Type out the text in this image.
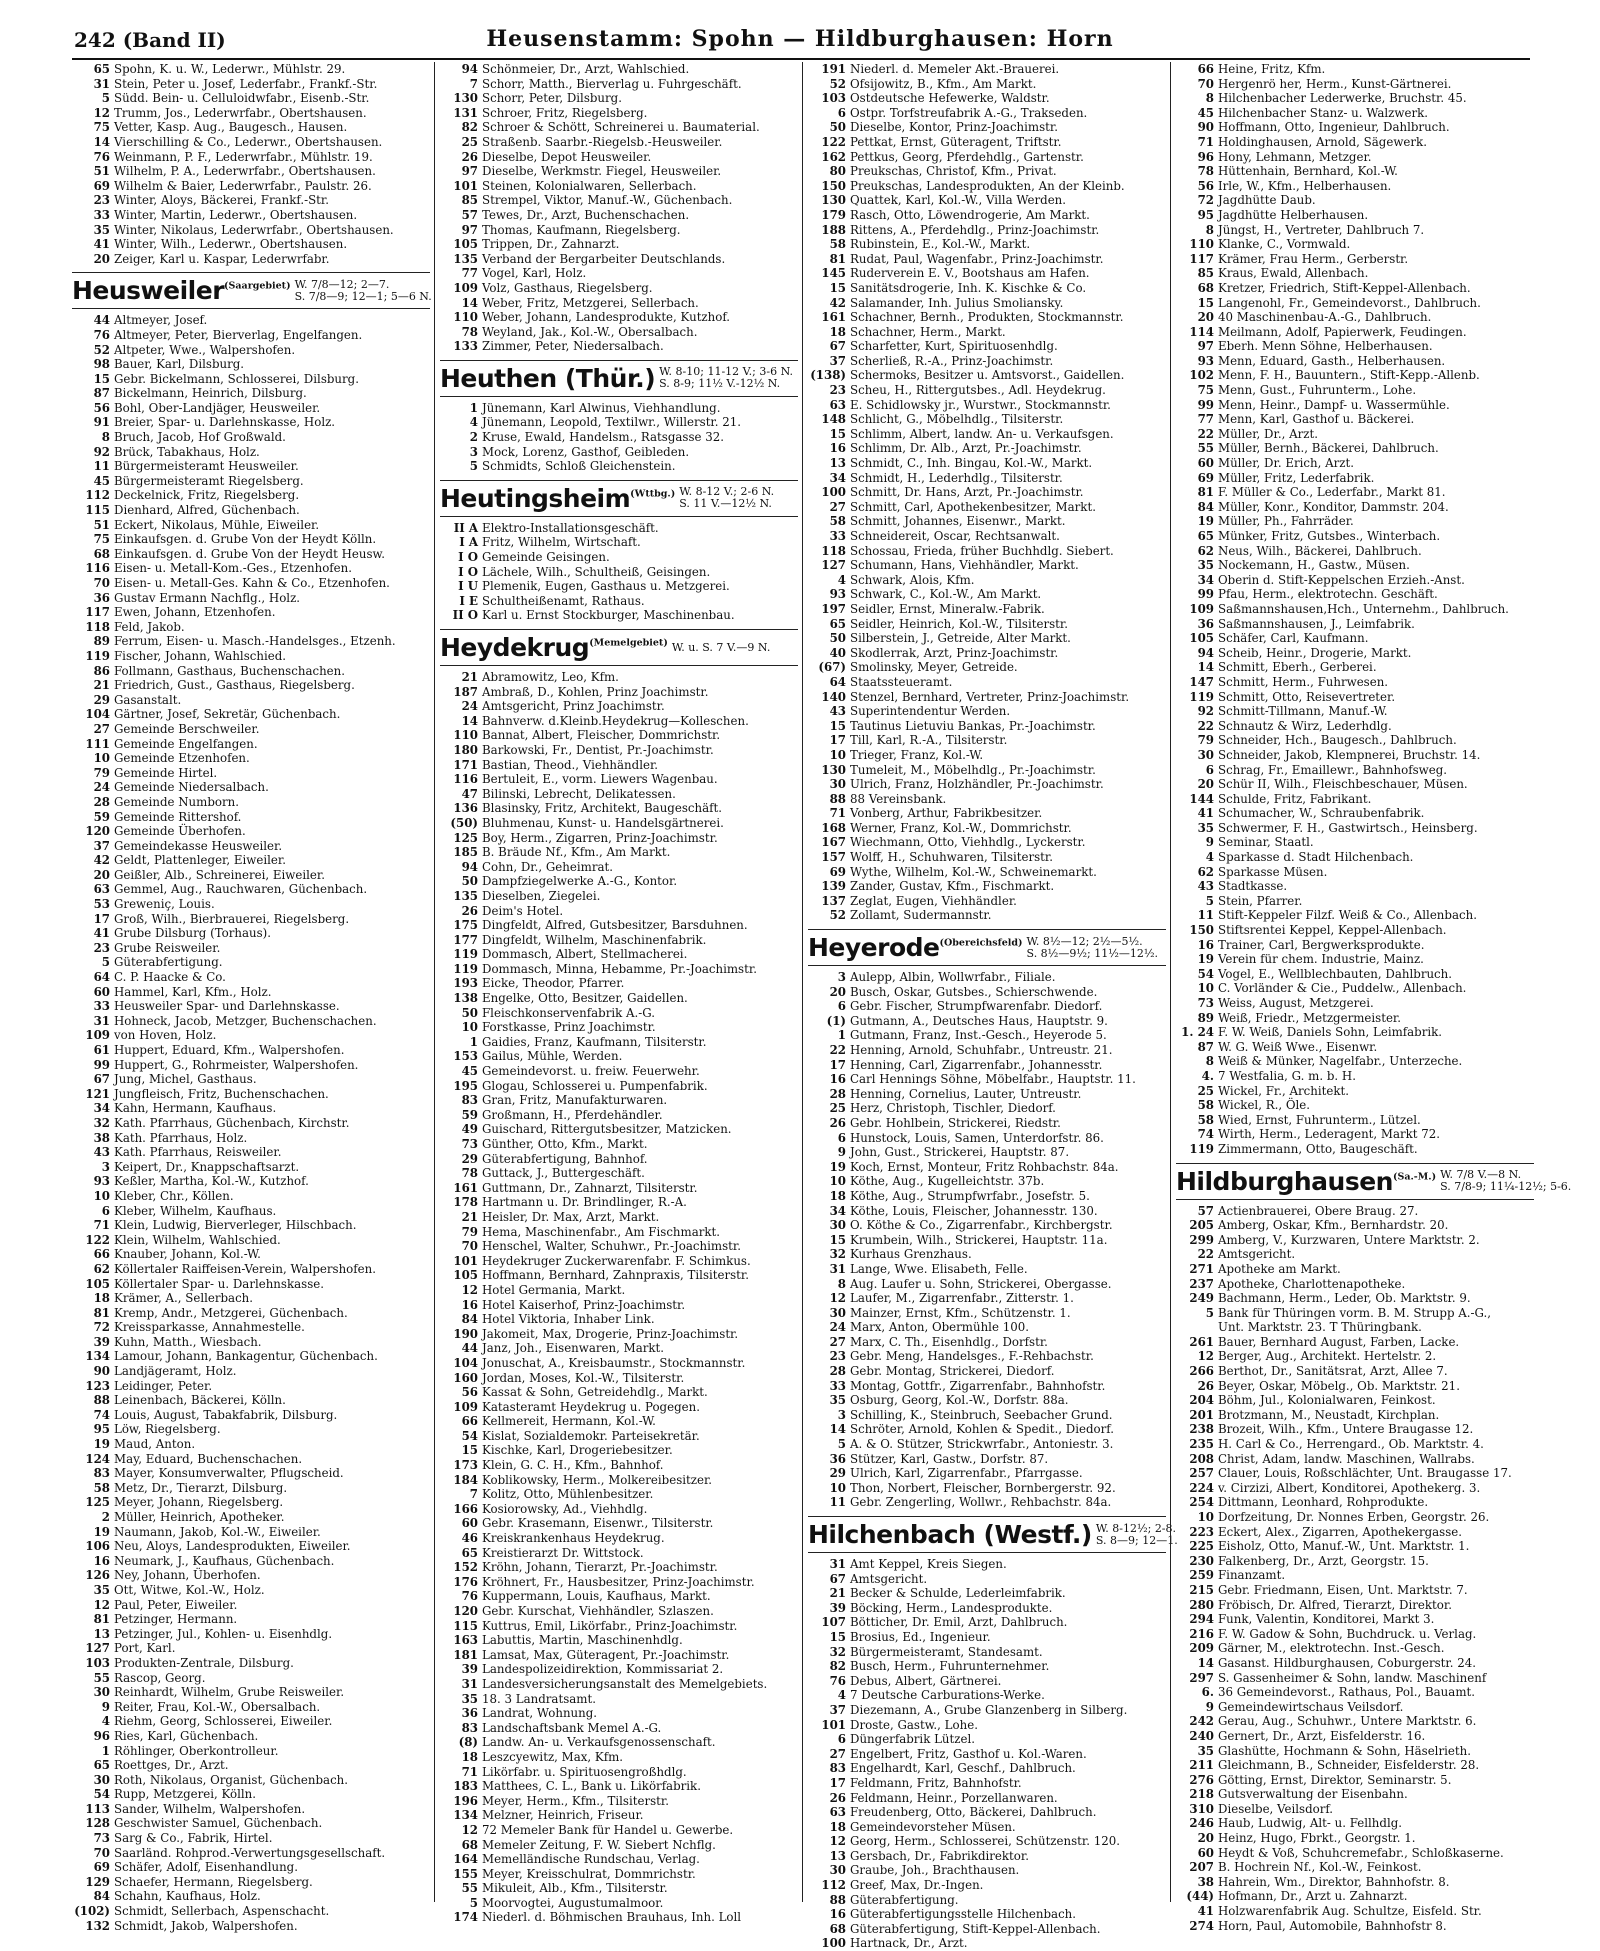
242 (Band II)	Heusenstamm: Spohn — Hildburghausen: Horn
65 Spohn, K. u. W., Lederwr., Mühlstr. 29.
31 Stein, Peter u. Josef, Lederfabr., Frankf.-Str.
5 Südd. Bein- u. Celluloidwfabr., Eisenb.-Str.
12 Trumm, Jos., Lederwrfabr., Obertshausen.
75 Vetter, Kasp. Aug., Baugesch., Hausen.
14 Vierschilling & Co., Lederwr., Obertshausen.
76 Weinmann, P. F., Lederwrfabr., Mühlstr. 19.
51 Wilhelm, P. A., Lederwrfabr., Obertshausen.
69 Wilhelm & Baier, Lederwrfabr., Paulstr. 26.
23 Winter, Aloys, Bäckerei, Frankf.-Str.
33 Winter, Martin, Lederwr., Obertshausen.
35 Winter, Nikolaus, Lederwrfabr., Obertshausen.
41 Winter, Wilh., Lederwr., Obertshausen.
20 Zeiger, Karl u. Kaspar, Lederwrfabr.
Heusweiler$^{(Saargebiet)}$ W. 7/8—12; 2—7.
S. 7/8—9; 12—1; 5—6 N.
44 Altmeyer, Josef.
76 Altmeyer, Peter, Bierverlag, Engelfangen.
52 Altpeter, Wwe., Walpershofen.
98 Bauer, Karl, Dilsburg.
15 Gebr. Bickelmann, Schlosserei, Dilsburg.
87 Bickelmann, Heinrich, Dilsburg.
56 Bohl, Ober-Landjäger, Heusweiler.
91 Breier, Spar- u. Darlehnskasse, Holz.
8 Bruch, Jacob, Hof Großwald.
92 Brück, Tabakhaus, Holz.
11 Bürgermeisteramt Heusweiler.
45 Bürgermeisteramt Riegelsberg.
112 Deckelnick, Fritz, Riegelsberg.
115 Dienhard, Alfred, Güchenbach.
51 Eckert, Nikolaus, Mühle, Eiweiler.
75 Einkaufsgen. d. Grube Von der Heydt Kölln.
68 Einkaufsgen. d. Grube Von der Heydt Heusw.
116 Eisen- u. Metall-Kom.-Ges., Etzenhofen.
70 Eisen- u. Metall-Ges. Kahn & Co., Etzenhofen.
36 Gustav Ermann Nachflg., Holz.
117 Ewen, Johann, Etzenhofen.
118 Feld, Jakob.
89 Ferrum, Eisen- u. Masch.-Handelsges., Etzenh.
119 Fischer, Johann, Wahlschied.
86 Follmann, Gasthaus, Buchenschachen.
21 Friedrich, Gust., Gasthaus, Riegelsberg.
29 Gasanstalt.
104 Gärtner, Josef, Sekretär, Güchenbach.
27 Gemeinde Berschweiler.
111 Gemeinde Engelfangen.
10 Gemeinde Etzenhofen.
79 Gemeinde Hirtel.
24 Gemeinde Niedersalbach.
28 Gemeinde Numborn.
59 Gemeinde Rittershof.
120 Gemeinde Überhofen.
37 Gemeindekasse Heusweiler.
42 Geldt, Plattenleger, Eiweiler.
20 Geißler, Alb., Schreinerei, Eiweiler.
63 Gemmel, Aug., Rauchwaren, Güchenbach.
53 Greweniç, Louis.
17 Groß, Wilh., Bierbrauerei, Riegelsberg.
41 Grube Dilsburg (Torhaus).
23 Grube Reisweiler.
5 Güterabfertigung.
64 C. P. Haacke & Co.
60 Hammel, Karl, Kfm., Holz.
33 Heusweiler Spar- und Darlehnskasse.
31 Hohneck, Jacob, Metzger, Buchenschachen.
109 von Hoven, Holz.
61 Huppert, Eduard, Kfm., Walpershofen.
99 Huppert, G., Rohrmeister, Walpershofen.
67 Jung, Michel, Gasthaus.
121 Jungfleisch, Fritz, Buchenschachen.
34 Kahn, Hermann, Kaufhaus.
32 Kath. Pfarrhaus, Güchenbach, Kirchstr.
38 Kath. Pfarrhaus, Holz.
43 Kath. Pfarrhaus, Reisweiler.
3 Keipert, Dr., Knappschaftsarzt.
93 Keßler, Martha, Kol.-W., Kutzhof.
10 Kleber, Chr., Köllen.
6 Kleber, Wilhelm, Kaufhaus.
71 Klein, Ludwig, Bierverleger, Hilschbach.
122 Klein, Wilhelm, Wahlschied.
66 Knauber, Johann, Kol.-W.
62 Köllertaler Raiffeisen-Verein, Walpershofen.
105 Köllertaler Spar- u. Darlehnskasse.
18 Krämer, A., Sellerbach.
81 Kremp, Andr., Metzgerei, Güchenbach.
72 Kreissparkasse, Annahmestelle.
39 Kuhn, Matth., Wiesbach.
134 Lamour, Johann, Bankagentur, Güchenbach.
90 Landjägeramt, Holz.
123 Leidinger, Peter.
88 Leinenbach, Bäckerei, Kölln.
74 Louis, August, Tabakfabrik, Dilsburg.
95 Löw, Riegelsberg.
19 Maud, Anton.
124 May, Eduard, Buchenschachen.
83 Mayer, Konsumverwalter, Pflugscheid.
58 Metz, Dr., Tierarzt, Dilsburg.
125 Meyer, Johann, Riegelsberg.
2 Müller, Heinrich, Apotheker.
19 Naumann, Jakob, Kol.-W., Eiweiler.
106 Neu, Aloys, Landesprodukten, Eiweiler.
16 Neumark, J., Kaufhaus, Güchenbach.
126 Ney, Johann, Überhofen.
35 Ott, Witwe, Kol.-W., Holz.
12 Paul, Peter, Eiweiler.
81 Petzinger, Hermann.
13 Petzinger, Jul., Kohlen- u. Eisenhdlg.
127 Port, Karl.
103 Produkten-Zentrale, Dilsburg.
55 Rascop, Georg.
30 Reinhardt, Wilhelm, Grube Reisweiler.
9 Reiter, Frau, Kol.-W., Obersalbach.
4 Riehm, Georg, Schlosserei, Eiweiler.
96 Ries, Karl, Güchenbach.
1 Röhlinger, Oberkontrolleur.
65 Roettges, Dr., Arzt.
30 Roth, Nikolaus, Organist, Güchenbach.
54 Rupp, Metzgerei, Kölln.
113 Sander, Wilhelm, Walpershofen.
128 Geschwister Samuel, Güchenbach.
73 Sarg & Co., Fabrik, Hirtel.
70 Saarländ. Rohprod.-Verwertungsgesellschaft.
69 Schäfer, Adolf, Eisenhandlung.
129 Schaefer, Hermann, Riegelsberg.
84 Schahn, Kaufhaus, Holz.
(102) Schmidt, Sellerbach, Aspenschacht.
132 Schmidt, Jakob, Walpershofen.
94 Schönmeier, Dr., Arzt, Wahlschied.
7 Schorr, Matth., Bierverlag u. Fuhrgeschäft.
130 Schorr, Peter, Dilsburg.
131 Schroer, Fritz, Riegelsberg.
82 Schroer & Schött, Schreinerei u. Baumaterial.
25 Straßenb. Saarbr.-Riegelsb.-Heusweiler.
26 Dieselbe, Depot Heusweiler.
97 Dieselbe, Werkmstr. Fiegel, Heusweiler.
101 Steinen, Kolonialwaren, Sellerbach.
85 Strempel, Viktor, Manuf.-W., Güchenbach.
57 Tewes, Dr., Arzt, Buchenschachen.
97 Thomas, Kaufmann, Riegelsberg.
105 Trippen, Dr., Zahnarzt.
135 Verband der Bergarbeiter Deutschlands.
77 Vogel, Karl, Holz.
109 Volz, Gasthaus, Riegelsberg.
14 Weber, Fritz, Metzgerei, Sellerbach.
110 Weber, Johann, Landesprodukte, Kutzhof.
78 Weyland, Jak., Kol.-W., Obersalbach.
133 Zimmer, Peter, Niedersalbach.
Heuthen (Thür.) W. 8-10; 11-12 V.; 3-6 N.
S. 8-9; 11½ V.-12½ N.
1 Jünemann, Karl Alwinus, Viehhandlung.
4 Jünemann, Leopold, Textilwr., Willerstr. 21.
2 Kruse, Ewald, Handelsm., Ratsgasse 32.
3 Mock, Lorenz, Gasthof, Geibleden.
5 Schmidts, Schloß Gleichenstein.
Heutingsheim$^{(Wttbg.)}$ W. 8-12 V.; 2-6 N.
S. 11 V.—12½ N.
II A Elektro-Installationsgeschäft.
I A Fritz, Wilhelm, Wirtschaft.
I O Gemeinde Geisingen.
I O Lächele, Wilh., Schultheiß, Geisingen.
I U Plemenik, Eugen, Gasthaus u. Metzgerei.
I E Schultheißenamt, Rathaus.
II O Karl u. Ernst Stockburger, Maschinenbau.
Heydekrug$^{(Memelgebiet)}$ W. u. S. 7 V.—9 N.
21 Abramowitz, Leo, Kfm.
187 Ambraß, D., Kohlen, Prinz Joachimstr.
24 Amtsgericht, Prinz Joachimstr.
14 Bahnverw. d.Kleinb.Heydekrug—Kolleschen.
110 Bannat, Albert, Fleischer, Dommrichstr.
180 Barkowski, Fr., Dentist, Pr.-Joachimstr.
171 Bastian, Theod., Viehhändler.
116 Bertuleit, E., vorm. Liewers Wagenbau.
47 Bilinski, Lebrecht, Delikatessen.
136 Blasinsky, Fritz, Architekt, Baugeschäft.
(50) Bluhmenau, Kunst- u. Handelsgärtnerei.
125 Boy, Herm., Zigarren, Prinz-Joachimstr.
185 B. Bräude Nf., Kfm., Am Markt.
94 Cohn, Dr., Geheimrat.
50 Dampfziegelwerke A.-G., Kontor.
135 Dieselben, Ziegelei.
26 Deim's Hotel.
175 Dingfeldt, Alfred, Gutsbesitzer, Barsduhnen.
177 Dingfeldt, Wilhelm, Maschinenfabrik.
119 Dommasch, Albert, Stellmacherei.
119 Dommasch, Minna, Hebamme, Pr.-Joachimstr.
193 Eicke, Theodor, Pfarrer.
138 Engelke, Otto, Besitzer, Gaidellen.
50 Fleischkonservenfabrik A.-G.
10 Forstkasse, Prinz Joachimstr.
1 Gaidies, Franz, Kaufmann, Tilsiterstr.
153 Gailus, Mühle, Werden.
45 Gemeindevorst. u. freiw. Feuerwehr.
195 Glogau, Schlosserei u. Pumpenfabrik.
83 Gran, Fritz, Manufakturwaren.
59 Großmann, H., Pferdehändler.
49 Guischard, Rittergutsbesitzer, Matzicken.
73 Günther, Otto, Kfm., Markt.
29 Güterabfertigung, Bahnhof.
78 Guttack, J., Buttergeschäft.
161 Guttmann, Dr., Zahnarzt, Tilsiterstr.
178 Hartmann u. Dr. Brindlinger, R.-A.
21 Heisler, Dr. Max, Arzt, Markt.
79 Hema, Maschinenfabr., Am Fischmarkt.
70 Henschel, Walter, Schuhwr., Pr.-Joachimstr.
101 Heydekruger Zuckerwarenfabr. F. Schimkus.
105 Hoffmann, Bernhard, Zahnpraxis, Tilsiterstr.
12 Hotel Germania, Markt.
16 Hotel Kaiserhof, Prinz-Joachimstr.
84 Hotel Viktoria, Inhaber Link.
190 Jakomeit, Max, Drogerie, Prinz-Joachimstr.
44 Janz, Joh., Eisenwaren, Markt.
104 Jonuschat, A., Kreisbaumstr., Stockmannstr.
160 Jordan, Moses, Kol.-W., Tilsiterstr.
56 Kassat & Sohn, Getreidehdlg., Markt.
109 Katasteramt Heydekrug u. Pogegen.
66 Kellmereit, Hermann, Kol.-W.
54 Kislat, Sozialdemokr. Parteisekretär.
15 Kischke, Karl, Drogeriebesitzer.
173 Klein, G. C. H., Kfm., Bahnhof.
184 Koblikowsky, Herm., Molkereibesitzer.
7 Kolitz, Otto, Mühlenbesitzer.
166 Kosiorowsky, Ad., Viehhdlg.
60 Gebr. Krasemann, Eisenwr., Tilsiterstr.
46 Kreiskrankenhaus Heydekrug.
65 Kreistierarzt Dr. Wittstock.
152 Kröhn, Johann, Tierarzt, Pr.-Joachimstr.
176 Kröhnert, Fr., Hausbesitzer, Prinz-Joachimstr.
76 Kuppermann, Louis, Kaufhaus, Markt.
120 Gebr. Kurschat, Viehhändler, Szlaszen.
115 Kuttrus, Emil, Likörfabr., Prinz-Joachimstr.
163 Labuttis, Martin, Maschinenhdlg.
181 Lamsat, Max, Güteragent, Pr.-Joachimstr.
39 Landespolizeidirektion, Kommissariat 2.
31 Landesversicherungsanstalt des Memelgebiets.
35 18. 3 Landratsamt.
36 Landrat, Wohnung.
83 Landschaftsbank Memel A.-G.
(8) Landw. An- u. Verkaufsgenossenschaft.
18 Leszcyewitz, Max, Kfm.
71 Likörfabr. u. Spirituosengroßhdlg.
183 Matthees, C. L., Bank u. Likörfabrik.
196 Meyer, Herm., Kfm., Tilsiterstr.
134 Melzner, Heinrich, Friseur.
12 72 Memeler Bank für Handel u. Gewerbe.
68 Memeler Zeitung, F. W. Siebert Nchflg.
164 Memelländische Rundschau, Verlag.
155 Meyer, Kreisschulrat, Dommrichstr.
55 Mikuleit, Alb., Kfm., Tilsiterstr.
5 Moorvogtei, Augustumalmoor.
174 Niederl. d. Böhmischen Brauhaus, Inh. Loll
191 Niederl. d. Memeler Akt.-Brauerei.
52 Ofsijowitz, B., Kfm., Am Markt.
103 Ostdeutsche Hefewerke, Waldstr.
6 Ostpr. Torfstreufabrik A.-G., Trakseden.
50 Dieselbe, Kontor, Prinz-Joachimstr.
122 Pettkat, Ernst, Güteragent, Triftstr.
162 Pettkus, Georg, Pferdehdlg., Gartenstr.
80 Preukschas, Christof, Kfm., Privat.
150 Preukschas, Landesprodukten, An der Kleinb.
130 Quattek, Karl, Kol.-W., Villa Werden.
179 Rasch, Otto, Löwendrogerie, Am Markt.
188 Rittens, A., Pferdehdlg., Prinz-Joachimstr.
58 Rubinstein, E., Kol.-W., Markt.
81 Rudat, Paul, Wagenfabr., Prinz-Joachimstr.
145 Ruderverein E. V., Bootshaus am Hafen.
15 Sanitätsdrogerie, Inh. K. Kischke & Co.
42 Salamander, Inh. Julius Smoliansky.
161 Schachner, Bernh., Produkten, Stockmannstr.
18 Schachner, Herm., Markt.
67 Scharfetter, Kurt, Spirituosenhdlg.
37 Scherließ, R.-A., Prinz-Joachimstr.
(138) Schermoks, Besitzer u. Amtsvorst., Gaidellen.
23 Scheu, H., Rittergutsbes., Adl. Heydekrug.
63 E. Schidlowsky jr., Wurstwr., Stockmannstr.
148 Schlicht, G., Möbelhdlg., Tilsiterstr.
15 Schlimm, Albert, landw. An- u. Verkaufsgen.
16 Schlimm, Dr. Alb., Arzt, Pr.-Joachimstr.
13 Schmidt, C., Inh. Bingau, Kol.-W., Markt.
34 Schmidt, H., Lederhdlg., Tilsiterstr.
100 Schmitt, Dr. Hans, Arzt, Pr.-Joachimstr.
27 Schmitt, Carl, Apothekenbesitzer, Markt.
58 Schmitt, Johannes, Eisenwr., Markt.
33 Schneidereit, Oscar, Rechtsanwalt.
118 Schossau, Frieda, früher Buchhdlg. Siebert.
127 Schumann, Hans, Viehhändler, Markt.
4 Schwark, Alois, Kfm.
93 Schwark, C., Kol.-W., Am Markt.
197 Seidler, Ernst, Mineralw.-Fabrik.
65 Seidler, Heinrich, Kol.-W., Tilsiterstr.
50 Silberstein, J., Getreide, Alter Markt.
40 Skodlerrak, Arzt, Prinz-Joachimstr.
(67) Smolinsky, Meyer, Getreide.
64 Staatssteueramt.
140 Stenzel, Bernhard, Vertreter, Prinz-Joachimstr.
43 Superintendentur Werden.
15 Tautinus Lietuviu Bankas, Pr.-Joachimstr.
17 Till, Karl, R.-A., Tilsiterstr.
10 Trieger, Franz, Kol.-W.
130 Tumeleit, M., Möbelhdlg., Pr.-Joachimstr.
30 Ulrich, Franz, Holzhändler, Pr.-Joachimstr.
88 88 Vereinsbank.
71 Vonberg, Arthur, Fabrikbesitzer.
168 Werner, Franz, Kol.-W., Dommrichstr.
167 Wiechmann, Otto, Viehhdlg., Lyckerstr.
157 Wolff, H., Schuhwaren, Tilsiterstr.
69 Wythe, Wilhelm, Kol.-W., Schweinemarkt.
139 Zander, Gustav, Kfm., Fischmarkt.
137 Zeglat, Eugen, Viehhändler.
52 Zollamt, Sudermannstr.
Heyerode$^{(Obereichsfeld)}$ W. 8½—12; 2½—5½.
S. 8½—9½; 11½—12½.
3 Aulepp, Albin, Wollwrfabr., Filiale.
20 Busch, Oskar, Gutsbes., Schierschwende.
6 Gebr. Fischer, Strumpfwarenfabr. Diedorf.
(1) Gutmann, A., Deutsches Haus, Hauptstr. 9.
1 Gutmann, Franz, Inst.-Gesch., Heyerode 5.
22 Henning, Arnold, Schuhfabr., Untreustr. 21.
17 Henning, Carl, Zigarrenfabr., Johannesstr.
16 Carl Hennings Söhne, Möbelfabr., Hauptstr. 11.
28 Henning, Cornelius, Lauter, Untreustr.
25 Herz, Christoph, Tischler, Diedorf.
26 Gebr. Hohlbein, Strickerei, Riedstr.
6 Hunstock, Louis, Samen, Unterdorfstr. 86.
9 John, Gust., Strickerei, Hauptstr. 87.
19 Koch, Ernst, Monteur, Fritz Rohbachstr. 84a.
10 Köthe, Aug., Kugelleichtstr. 37b.
18 Köthe, Aug., Strumpfwrfabr., Josefstr. 5.
34 Köthe, Louis, Fleischer, Johannesstr. 130.
30 O. Köthe & Co., Zigarrenfabr., Kirchbergstr.
15 Krumbein, Wilh., Strickerei, Hauptstr. 11a.
32 Kurhaus Grenzhaus.
31 Lange, Wwe. Elisabeth, Felle.
8 Aug. Laufer u. Sohn, Strickerei, Obergasse.
12 Laufer, M., Zigarrenfabr., Zitterstr. 1.
30 Mainzer, Ernst, Kfm., Schützenstr. 1.
24 Marx, Anton, Obermühle 100.
27 Marx, C. Th., Eisenhdlg., Dorfstr.
23 Gebr. Meng, Handelsges., F.-Rehbachstr.
28 Gebr. Montag, Strickerei, Diedorf.
33 Montag, Gottfr., Zigarrenfabr., Bahnhofstr.
35 Osburg, Georg, Kol.-W., Dorfstr. 88a.
3 Schilling, K., Steinbruch, Seebacher Grund.
14 Schröter, Arnold, Kohlen & Spedit., Diedorf.
5 A. & O. Stützer, Strickwrfabr., Antoniestr. 3.
36 Stützer, Karl, Gastw., Dorfstr. 87.
29 Ulrich, Karl, Zigarrenfabr., Pfarrgasse.
10 Thon, Norbert, Fleischer, Bornbergerstr. 92.
11 Gebr. Zengerling, Wollwr., Rehbachstr. 84a.
Hilchenbach (Westf.) W. 8-12½; 2-8.
S. 8—9; 12—1.
31 Amt Keppel, Kreis Siegen.
67 Amtsgericht.
21 Becker & Schulde, Lederleimfabrik.
39 Böcking, Herm., Landesprodukte.
107 Bötticher, Dr. Emil, Arzt, Dahlbruch.
15 Brosius, Ed., Ingenieur.
32 Bürgermeisteramt, Standesamt.
82 Busch, Herm., Fuhrunternehmer.
76 Debus, Albert, Gärtnerei.
4 7 Deutsche Carburations-Werke.
37 Diezemann, A., Grube Glanzenberg in Silberg.
101 Droste, Gastw., Lohe.
6 Düngerfabrik Lützel.
27 Engelbert, Fritz, Gasthof u. Kol.-Waren.
83 Engelhardt, Karl, Geschf., Dahlbruch.
17 Feldmann, Fritz, Bahnhofstr.
26 Feldmann, Heinr., Porzellanwaren.
63 Freudenberg, Otto, Bäckerei, Dahlbruch.
18 Gemeindevorsteher Müsen.
12 Georg, Herm., Schlosserei, Schützenstr. 120.
13 Gersbach, Dr., Fabrikdirektor.
30 Graube, Joh., Brachthausen.
112 Greef, Max, Dr.-Ingen.
88 Güterabfertigung.
16 Güterabfertigungsstelle Hilchenbach.
68 Güterabfertigung, Stift-Keppel-Allenbach.
100 Hartnack, Dr., Arzt.
66 Heine, Fritz, Kfm.
70 Hergenrö her, Herm., Kunst-Gärtnerei.
8 Hilchenbacher Lederwerke, Bruchstr. 45.
45 Hilchenbacher Stanz- u. Walzwerk.
90 Hoffmann, Otto, Ingenieur, Dahlbruch.
71 Holdinghausen, Arnold, Sägewerk.
96 Hony, Lehmann, Metzger.
78 Hüttenhain, Bernhard, Kol.-W.
56 Irle, W., Kfm., Helberhausen.
72 Jagdhütte Daub.
95 Jagdhütte Helberhausen.
8 Jüngst, H., Vertreter, Dahlbruch 7.
110 Klanke, C., Vormwald.
117 Krämer, Frau Herm., Gerberstr.
85 Kraus, Ewald, Allenbach.
68 Kretzer, Friedrich, Stift-Keppel-Allenbach.
15 Langenohl, Fr., Gemeindevorst., Dahlbruch.
20 40 Maschinenbau-A.-G., Dahlbruch.
114 Meilmann, Adolf, Papierwerk, Feudingen.
97 Eberh. Menn Söhne, Helberhausen.
93 Menn, Eduard, Gasth., Helberhausen.
102 Menn, F. H., Bauuntern., Stift-Kepp.-Allenb.
75 Menn, Gust., Fuhrunterm., Lohe.
99 Menn, Heinr., Dampf- u. Wassermühle.
77 Menn, Karl, Gasthof u. Bäckerei.
22 Müller, Dr., Arzt.
55 Müller, Bernh., Bäckerei, Dahlbruch.
60 Müller, Dr. Erich, Arzt.
69 Müller, Fritz, Lederfabrik.
81 F. Müller & Co., Lederfabr., Markt 81.
84 Müller, Konr., Konditor, Dammstr. 204.
19 Müller, Ph., Fahrräder.
65 Münker, Fritz, Gutsbes., Winterbach.
62 Neus, Wilh., Bäckerei, Dahlbruch.
35 Nockemann, H., Gastw., Müsen.
34 Oberin d. Stift-Keppelschen Erzieh.-Anst.
99 Pfau, Herm., elektrotechn. Geschäft.
109 Saßmannshausen,Hch., Unternehm., Dahlbruch.
36 Saßmannshausen, J., Leimfabrik.
105 Schäfer, Carl, Kaufmann.
94 Scheib, Heinr., Drogerie, Markt.
14 Schmitt, Eberh., Gerberei.
147 Schmitt, Herm., Fuhrwesen.
119 Schmitt, Otto, Reisevertreter.
92 Schmitt-Tillmann, Manuf.-W.
22 Schnautz & Wirz, Lederhdlg.
79 Schneider, Hch., Baugesch., Dahlbruch.
30 Schneider, Jakob, Klempnerei, Bruchstr. 14.
6 Schrag, Fr., Emaillewr., Bahnhofsweg.
20 Schür II, Wilh., Fleischbeschauer, Müsen.
144 Schulde, Fritz, Fabrikant.
41 Schumacher, W., Schraubenfabrik.
35 Schwermer, F. H., Gastwirtsch., Heinsberg.
9 Seminar, Staatl.
4 Sparkasse d. Stadt Hilchenbach.
62 Sparkasse Müsen.
43 Stadtkasse.
5 Stein, Pfarrer.
11 Stift-Keppeler Filzf. Weiß & Co., Allenbach.
150 Stiftsrentei Keppel, Keppel-Allenbach.
16 Trainer, Carl, Bergwerksprodukte.
19 Verein für chem. Industrie, Mainz.
54 Vogel, E., Wellblechbauten, Dahlbruch.
10 C. Vorländer & Cie., Puddelw., Allenbach.
73 Weiss, August, Metzgerei.
89 Weiß, Friedr., Metzgermeister.
1. 24 F. W. Weiß, Daniels Sohn, Leimfabrik.
87 W. G. Weiß Wwe., Eisenwr.
8 Weiß & Münker, Nagelfabr., Unterzeche.
4. 7 Westfalia, G. m. b. H.
25 Wickel, Fr., Architekt.
58 Wickel, R., Öle.
58 Wied, Ernst, Fuhrunterm., Lützel.
74 Wirth, Herm., Lederagent, Markt 72.
119 Zimmermann, Otto, Baugeschäft.
Hildburghausen$^{(Sa.-M.)}$ W. 7/8 V.—8 N.
S. 7/8-9; 11¼-12½; 5-6.
57 Actienbrauerei, Obere Braug. 27.
205 Amberg, Oskar, Kfm., Bernhardstr. 20.
299 Amberg, V., Kurzwaren, Untere Marktstr. 2.
22 Amtsgericht.
271 Apotheke am Markt.
237 Apotheke, Charlottenapotheke.
249 Bachmann, Herm., Leder, Ob. Marktstr. 9.
5 Bank für Thüringen vorm. B. M. Strupp A.-G.,
Unt. Marktstr. 23. T Thüringbank.
261 Bauer, Bernhard August, Farben, Lacke.
12 Berger, Aug., Architekt. Hertelstr. 2.
266 Berthot, Dr., Sanitätsrat, Arzt, Allee 7.
26 Beyer, Oskar, Möbelg., Ob. Marktstr. 21.
204 Böhm, Jul., Kolonialwaren, Feinkost.
201 Brotzmann, M., Neustadt, Kirchplan.
238 Brozeit, Wilh., Kfm., Untere Braugasse 12.
235 H. Carl & Co., Herrengard., Ob. Marktstr. 4.
208 Christ, Adam, landw. Maschinen, Wallrabs.
257 Clauer, Louis, Roßschlächter, Unt. Braugasse 17.
224 v. Cirzizi, Albert, Konditorei, Apothekerg. 3.
254 Dittmann, Leonhard, Rohprodukte.
10 Dorfzeitung, Dr. Nonnes Erben, Georgstr. 26.
223 Eckert, Alex., Zigarren, Apothekergasse.
225 Eisholz, Otto, Manuf.-W., Unt. Marktstr. 1.
230 Falkenberg, Dr., Arzt, Georgstr. 15.
259 Finanzamt.
215 Gebr. Friedmann, Eisen, Unt. Marktstr. 7.
280 Fröbisch, Dr. Alfred, Tierarzt, Direktor.
294 Funk, Valentin, Konditorei, Markt 3.
216 F. W. Gadow & Sohn, Buchdruck. u. Verlag.
209 Gärner, M., elektrotechn. Inst.-Gesch.
14 Gasanst. Hildburghausen, Coburgerstr. 24.
297 S. Gassenheimer & Sohn, landw. Maschinenf
6. 36 Gemeindevorst., Rathaus, Pol., Bauamt.
9 Gemeindewirtschaus Veilsdorf.
242 Gerau, Aug., Schuhwr., Untere Marktstr. 6.
240 Gernert, Dr., Arzt, Eisfelderstr. 16.
35 Glashütte, Hochmann & Sohn, Häselrieth.
211 Gleichmann, B., Schneider, Eisfelderstr. 28.
276 Götting, Ernst, Direktor, Seminarstr. 5.
218 Gutsverwaltung der Eisenbahn.
310 Dieselbe, Veilsdorf.
246 Haub, Ludwig, Alt- u. Fellhdlg.
20 Heinz, Hugo, Fbrkt., Georgstr. 1.
60 Heydt & Voß, Schuhcremefabr., Schloßkaserne.
207 B. Hochrein Nf., Kol.-W., Feinkost.
38 Hahrein, Wm., Direktor, Bahnhofstr. 8.
(44) Hofmann, Dr., Arzt u. Zahnarzt.
41 Holzwarenfabrik Aug. Schultze, Eisfeld. Str.
274 Horn, Paul, Automobile, Bahnhofstr 8.
